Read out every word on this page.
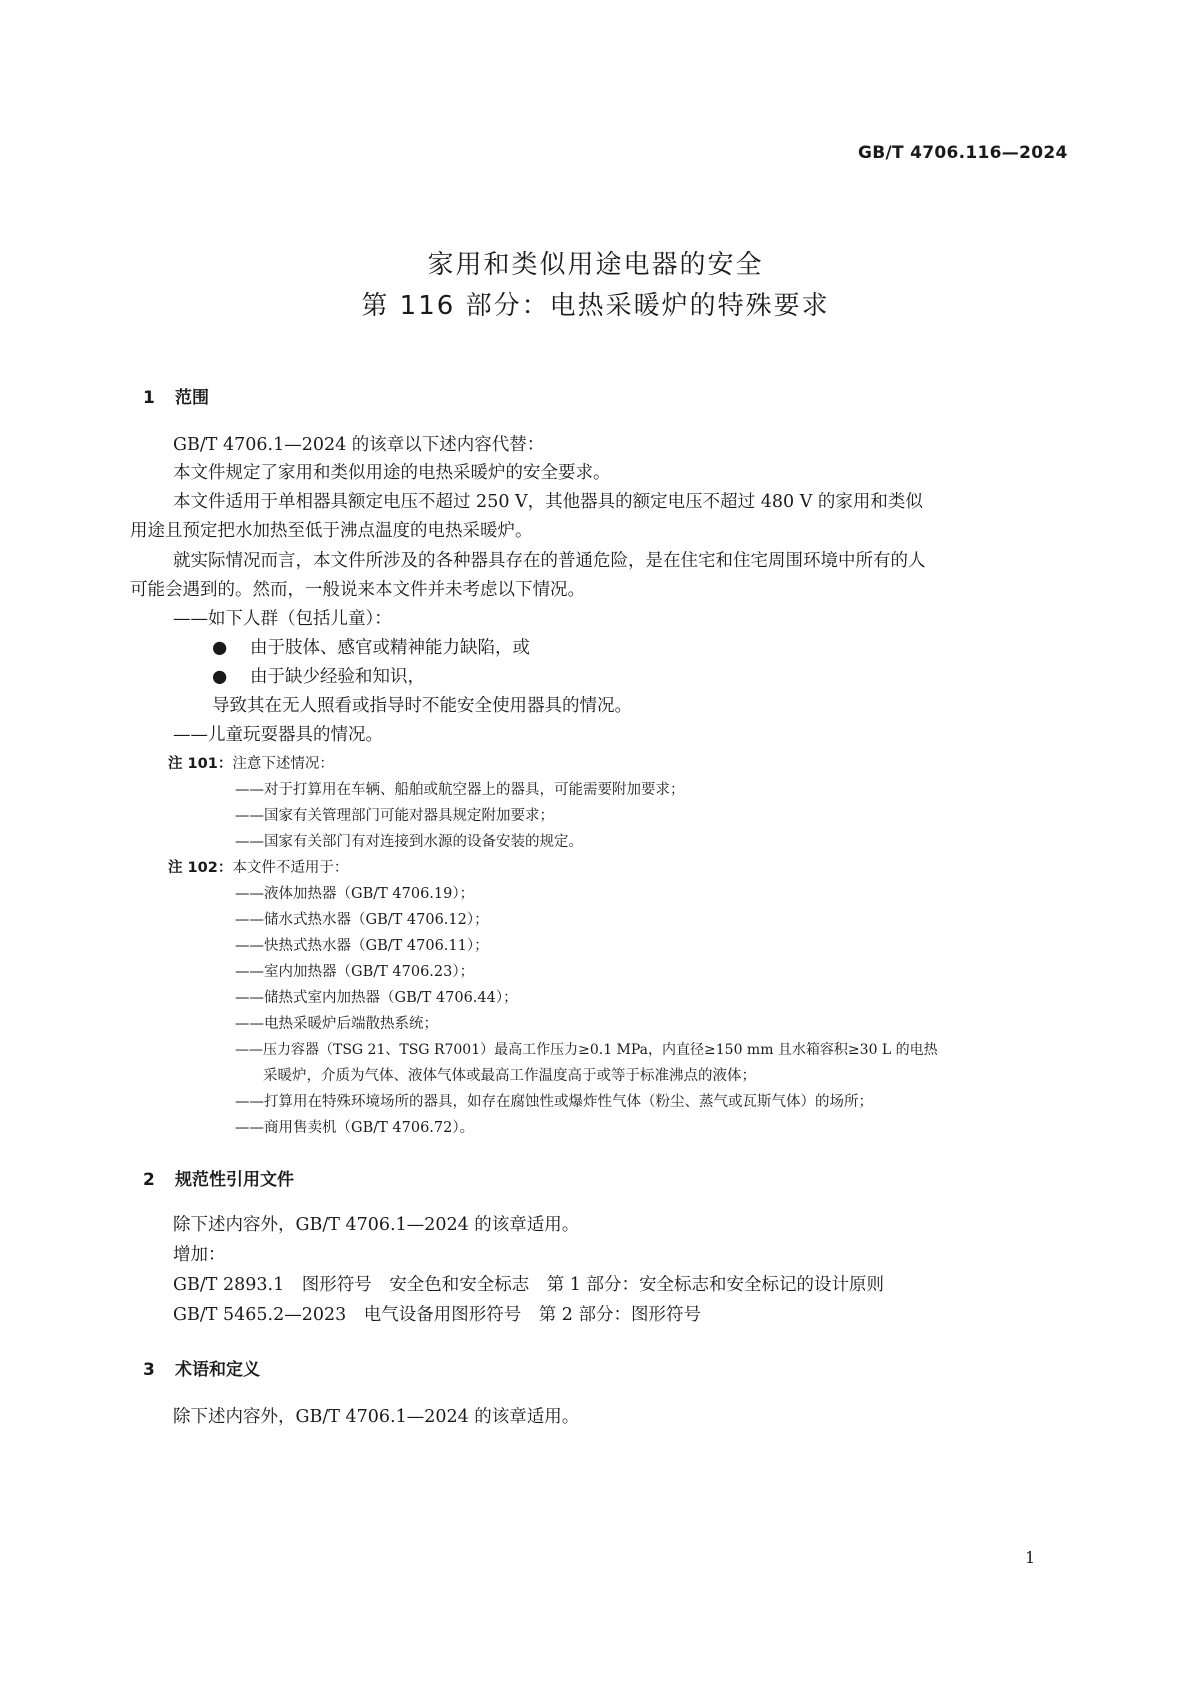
GB/T 4706.116—2024
家用和类似用途电器的安全
第 116 部分：电热采暖炉的特殊要求
1 范围
GB/T 4706.1—2024 的该章以下述内容代替：
本文件规定了家用和类似用途的电热采暖炉的安全要求。
本文件适用于单相器具额定电压不超过 250 V，其他器具的额定电压不超过 480 V 的家用和类似
用途且预定把水加热至低于沸点温度的电热采暖炉。
就实际情况而言，本文件所涉及的各种器具存在的普通危险，是在住宅和住宅周围环境中所有的人
可能会遇到的。然而，一般说来本文件并未考虑以下情况。
——如下人群（包括儿童）：
● 由于肢体、感官或精神能力缺陷，或
● 由于缺少经验和知识，
导致其在无人照看或指导时不能安全使用器具的情况。
——儿童玩耍器具的情况。
注 101：注意下述情况：
——对于打算用在车辆、船舶或航空器上的器具，可能需要附加要求；
——国家有关管理部门可能对器具规定附加要求；
——国家有关部门有对连接到水源的设备安装的规定。
注 102：本文件不适用于：
——液体加热器（GB/T 4706.19）；
——储水式热水器（GB/T 4706.12）；
——快热式热水器（GB/T 4706.11）；
——室内加热器（GB/T 4706.23）；
——储热式室内加热器（GB/T 4706.44）；
——电热采暖炉后端散热系统；
——压力容器（TSG 21、TSG R7001）最高工作压力≥0.1 MPa，内直径≥150 mm 且水箱容积≥30 L 的电热
采暖炉，介质为气体、液体气体或最高工作温度高于或等于标准沸点的液体；
——打算用在特殊环境场所的器具，如存在腐蚀性或爆炸性气体（粉尘、蒸气或瓦斯气体）的场所；
——商用售卖机（GB/T 4706.72）。
2 规范性引用文件
除下述内容外，GB/T 4706.1—2024 的该章适用。
增加：
GB/T 2893.1　图形符号　安全色和安全标志　第 1 部分：安全标志和安全标记的设计原则
GB/T 5465.2—2023　电气设备用图形符号　第 2 部分：图形符号
3 术语和定义
除下述内容外，GB/T 4706.1—2024 的该章适用。
1
